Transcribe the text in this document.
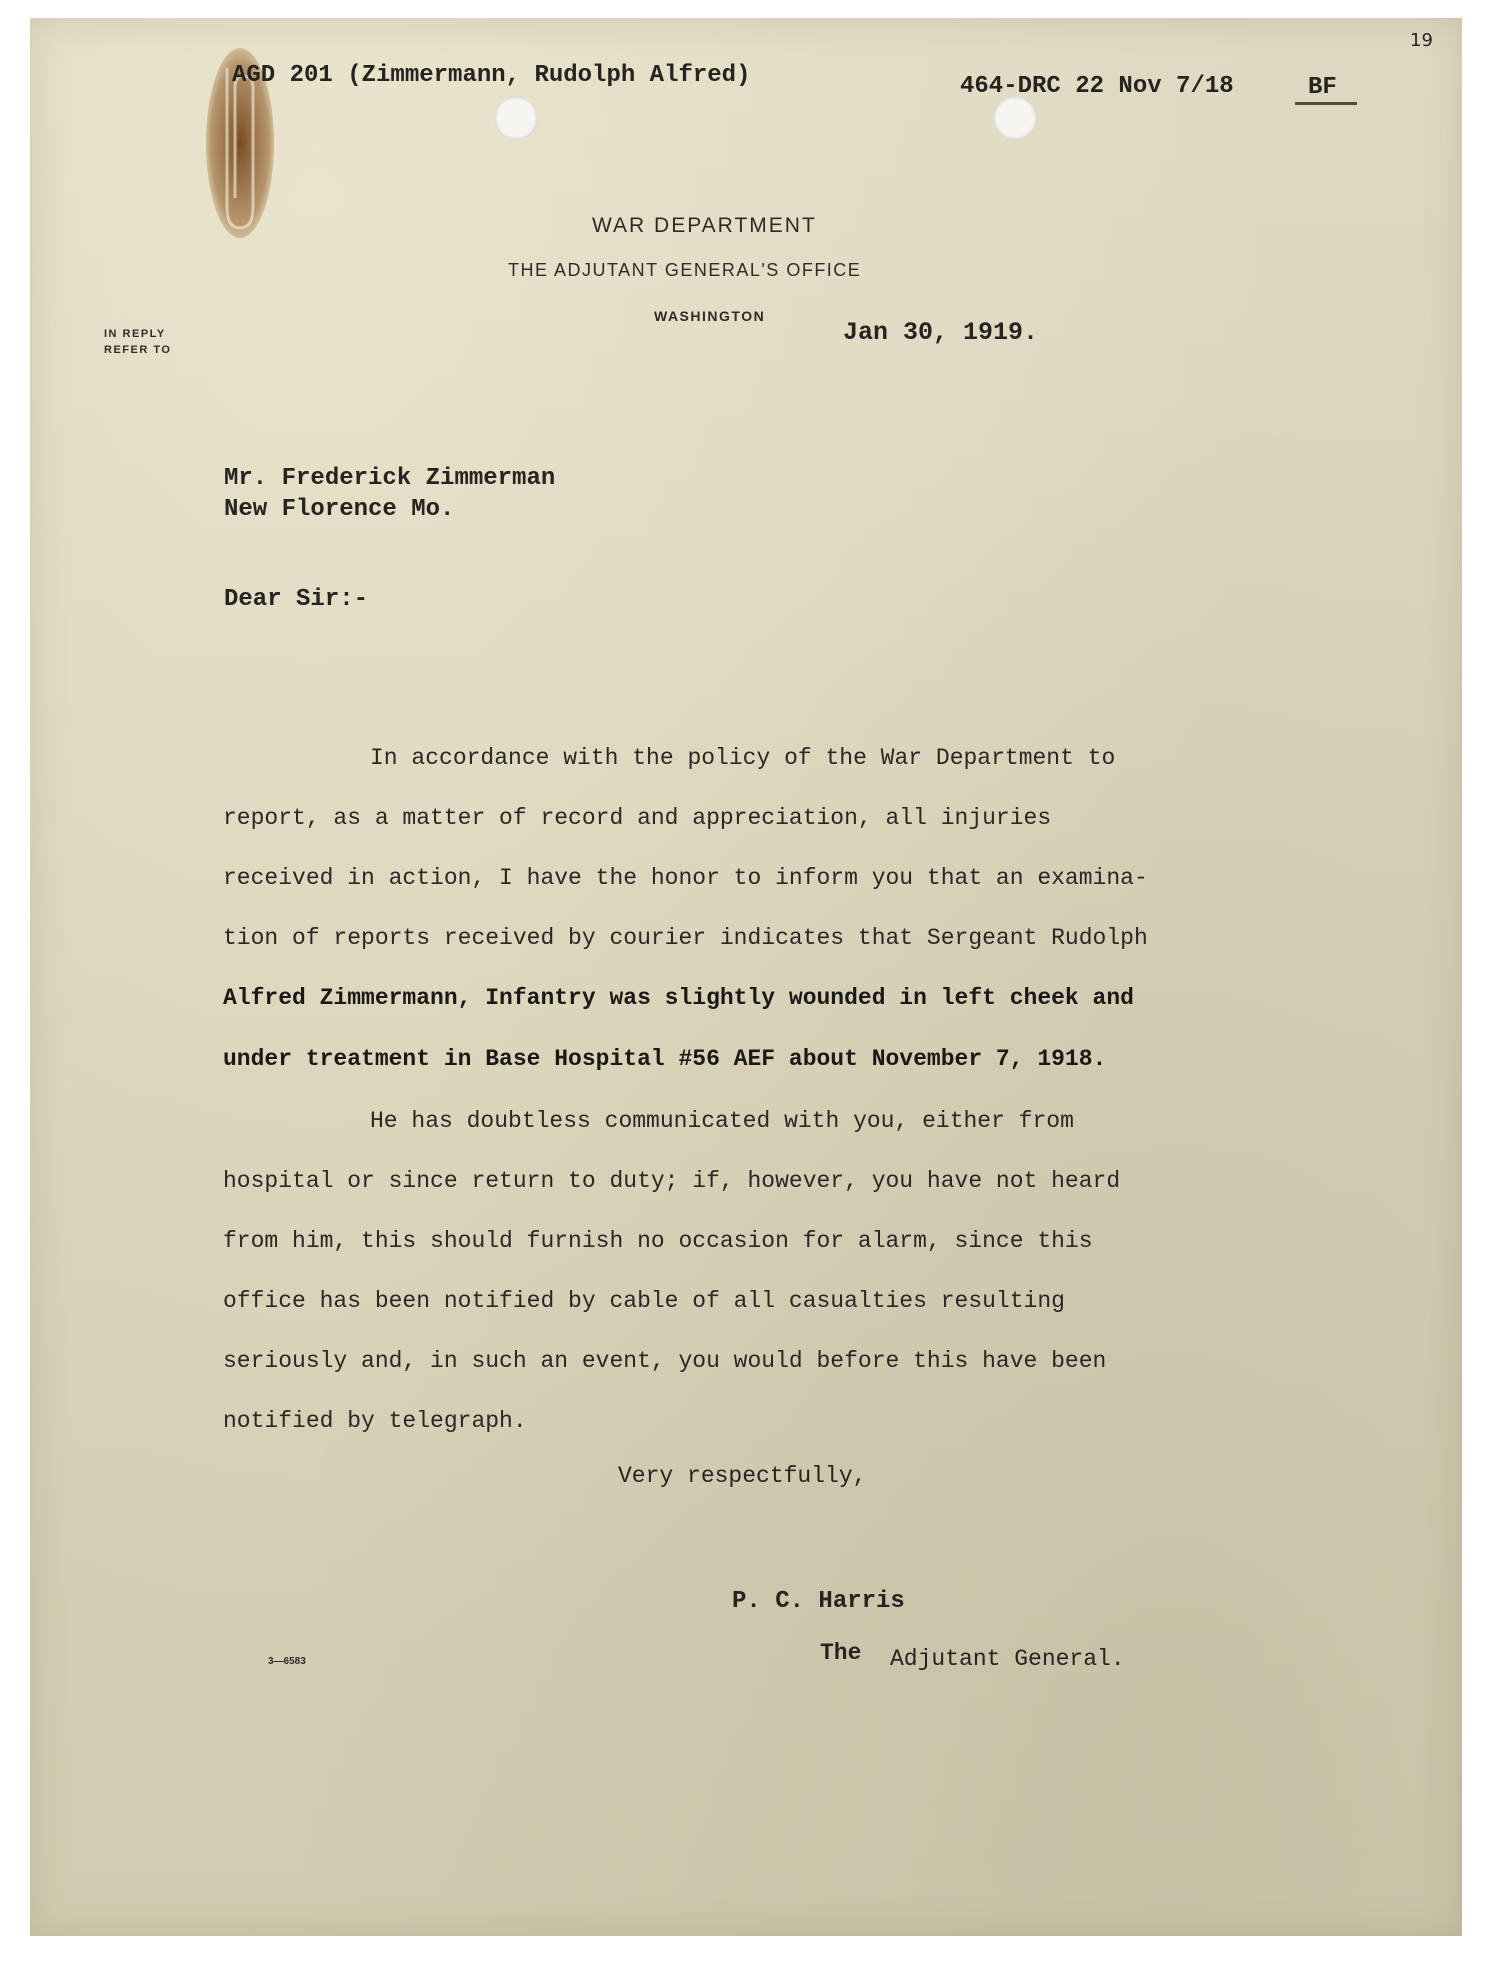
AGD 201 (Zimmermann, Rudolph Alfred)	464-DRC 22 Nov 7/18	BF

19

WAR DEPARTMENT

THE ADJUTANT GENERAL'S OFFICE

WASHINGTON

IN REPLY

REFER TO

Jan 30, 1919.

Mr. Frederick Zimmerman

New Florence Mo.

Dear Sir:-

In accordance with the policy of the War Department to

report, as a matter of record and appreciation, all injuries

received in action, I have the honor to inform you that an examina-

tion of reports received by courier indicates that Sergeant Rudolph

Alfred Zimmermann, Infantry was slightly wounded in left cheek and

under treatment in Base Hospital #56 AEF about November 7, 1918.

He has doubtless communicated with you, either from

hospital or since return to duty; if, however, you have not heard

from him, this should furnish no occasion for alarm, since this

office has been notified by cable of all casualties resulting

seriously and, in such an event, you would before this have been

notified by telegraph.

Very respectfully,

P. C. Harris

The Adjutant General.

3—6583
